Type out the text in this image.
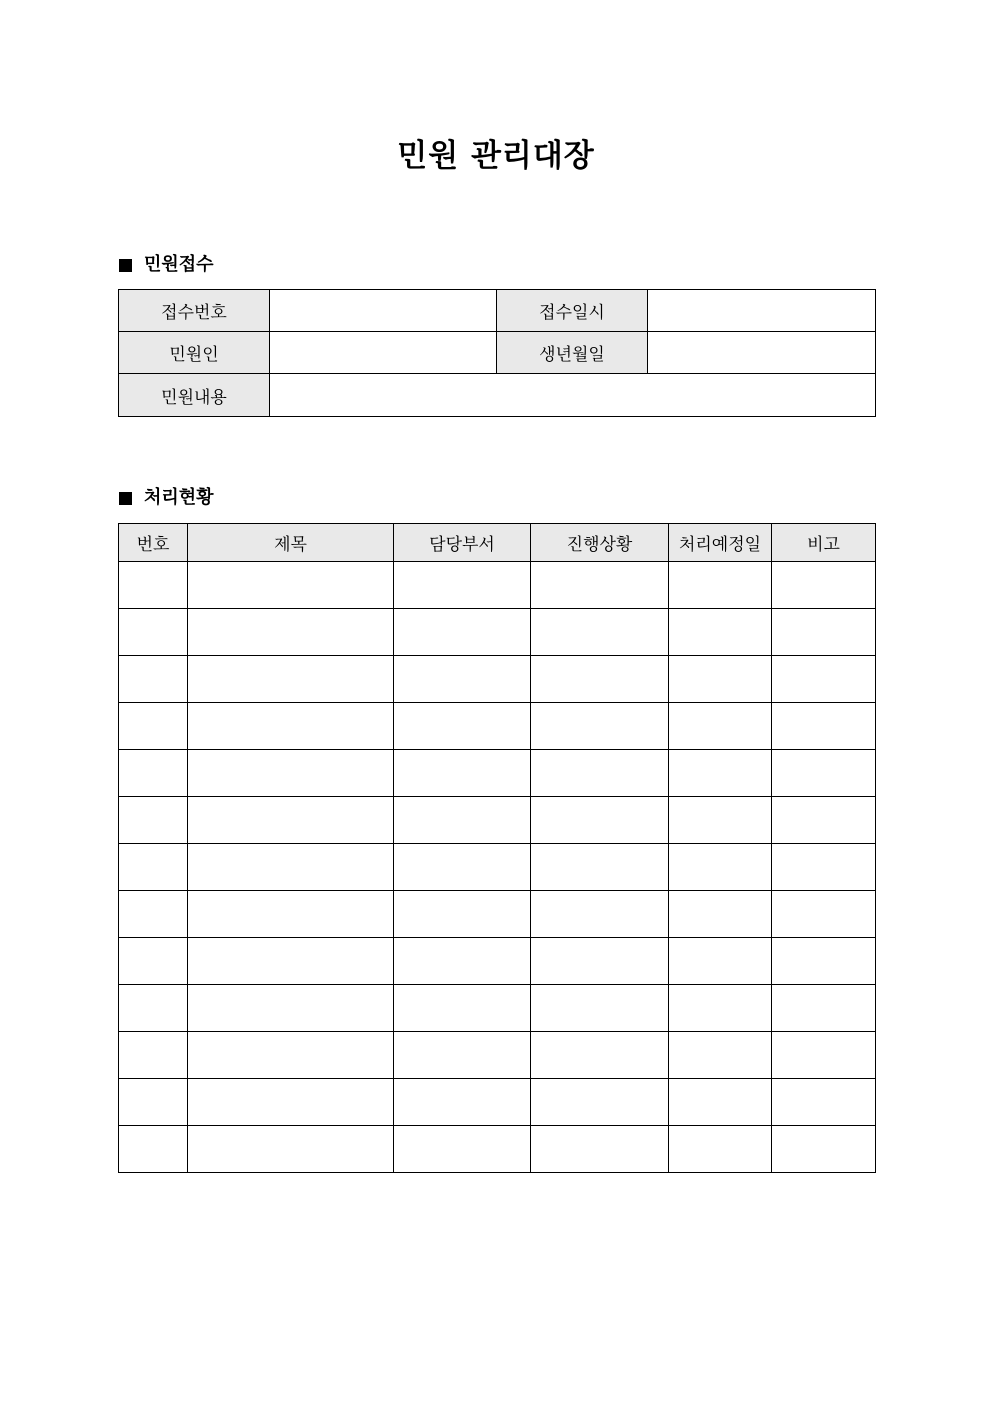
민원 관리대장
민원접수
접수번호		접수일시	
민원인		생년월일	
민원내용			
처리현황
번호	제목	담당부서	진행상황	처리예정일	비고
